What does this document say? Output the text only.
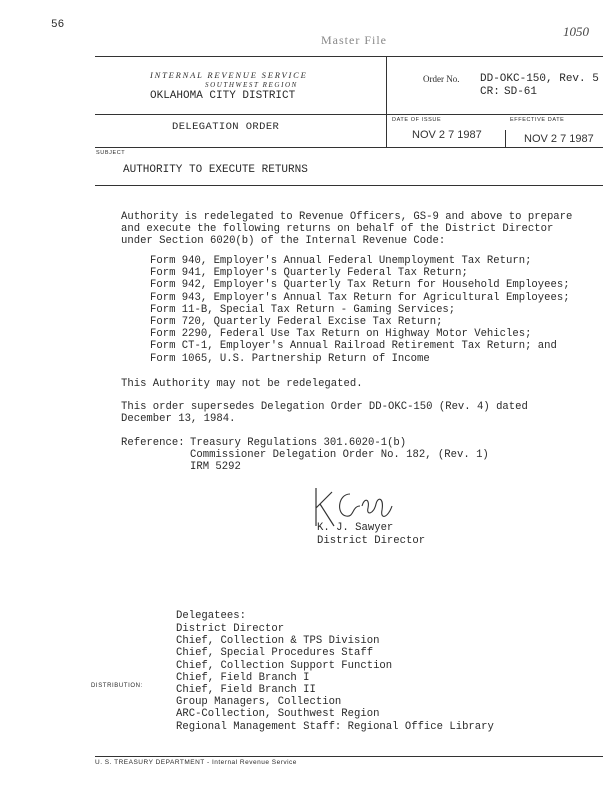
56	1050
Master File
INTERNAL REVENUE SERVICE
SOUTHWEST REGION
OKLAHOMA CITY DISTRICT
DELEGATION ORDER
Order No. DD-OKC-150, Rev. 5
CR: SD-61
DATE OF ISSUE	EFFECTIVE DATE
NOV 2 7 1987	NOV 2 7 1987
SUBJECT
AUTHORITY TO EXECUTE RETURNS
Authority is redelegated to Revenue Officers, GS-9 and above to prepare
and execute the following returns on behalf of the District Director
under Section 6020(b) of the Internal Revenue Code:
Form 940, Employer's Annual Federal Unemployment Tax Return;
Form 941, Employer's Quarterly Federal Tax Return;
Form 942, Employer's Quarterly Tax Return for Household Employees;
Form 943, Employer's Annual Tax Return for Agricultural Employees;
Form 11-B, Special Tax Return - Gaming Services;
Form 720, Quarterly Federal Excise Tax Return;
Form 2290, Federal Use Tax Return on Highway Motor Vehicles;
Form CT-1, Employer's Annual Railroad Retirement Tax Return; and
Form 1065, U.S. Partnership Return of Income
This Authority may not be redelegated.
This order supersedes Delegation Order DD-OKC-150 (Rev. 4) dated
December 13, 1984.
Reference: Treasury Regulations 301.6020-1(b)
Commissioner Delegation Order No. 182, (Rev. 1)
IRM 5292
K. J. Sawyer
District Director
Delegatees:
District Director
Chief, Collection & TPS Division
Chief, Special Procedures Staff
Chief, Collection Support Function
Chief, Field Branch I
Chief, Field Branch II
Group Managers, Collection
ARC-Collection, Southwest Region
Regional Management Staff: Regional Office Library
DISTRIBUTION:
U. S. TREASURY DEPARTMENT - Internal Revenue Service
